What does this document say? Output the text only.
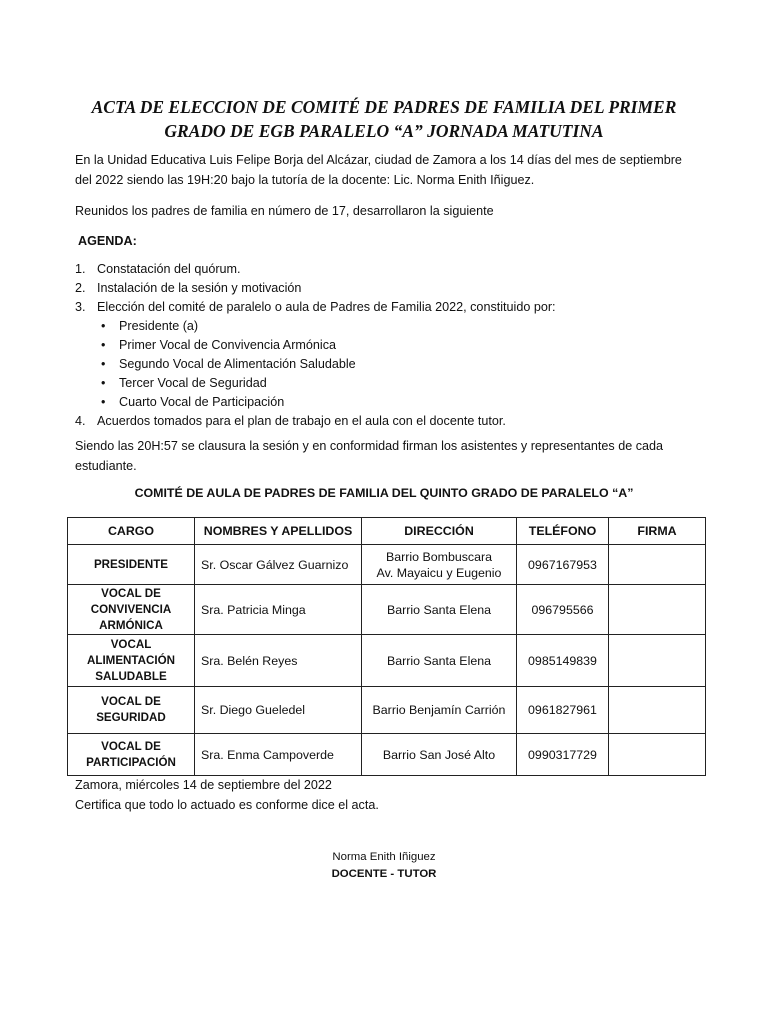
ACTA DE ELECCION DE COMITÉ DE PADRES DE FAMILIA DEL PRIMER
GRADO DE EGB PARALELO “A” JORNADA MATUTINA
En la Unidad Educativa Luis Felipe Borja del Alcázar, ciudad de Zamora a los 14 días del mes de septiembre
del 2022 siendo las 19H:20 bajo la tutoría de la docente: Lic. Norma Enith Iñiguez.
Reunidos los padres de familia en número de 17, desarrollaron la siguiente
AGENDA:
1. Constatación del quórum.
2. Instalación de la sesión y motivación
3. Elección del comité de paralelo o aula de Padres de Familia 2022, constituido por:
• Presidente (a)
• Primer Vocal de Convivencia Armónica
• Segundo Vocal de Alimentación Saludable
• Tercer Vocal de Seguridad
• Cuarto Vocal de Participación
4. Acuerdos tomados para el plan de trabajo en el aula con el docente tutor.
Siendo las 20H:57 se clausura la sesión y en conformidad firman los asistentes y representantes de cada
estudiante.
COMITÉ DE AULA DE PADRES DE FAMILIA DEL QUINTO GRADO DE PARALELO “A”
CARGO	NOMBRES Y APELLIDOS	DIRECCIÓN	TELÉFONO	FIRMA
PRESIDENTE	Sr. Oscar Gálvez Guarnizo	Barrio Bombuscara
Av. Mayaicu y Eugenio	0967167953	

VOCAL DE
CONVIVENCIA
ARMÓNICA	Sra. Patricia Minga	Barrio Santa Elena	096795566	

VOCAL
ALIMENTACIÓN
SALUDABLE	Sra. Belén Reyes	Barrio Santa Elena	0985149839	

VOCAL DE
SEGURIDAD	Sr. Diego Gueledel	Barrio Benjamín Carrión	0961827961	

VOCAL DE
PARTICIPACIÓN	Sra. Enma Campoverde	Barrio San José Alto	0990317729	
Zamora, miércoles 14 de septiembre del 2022
Certifica que todo lo actuado es conforme dice el acta.
Norma Enith Iñiguez
DOCENTE - TUTOR
